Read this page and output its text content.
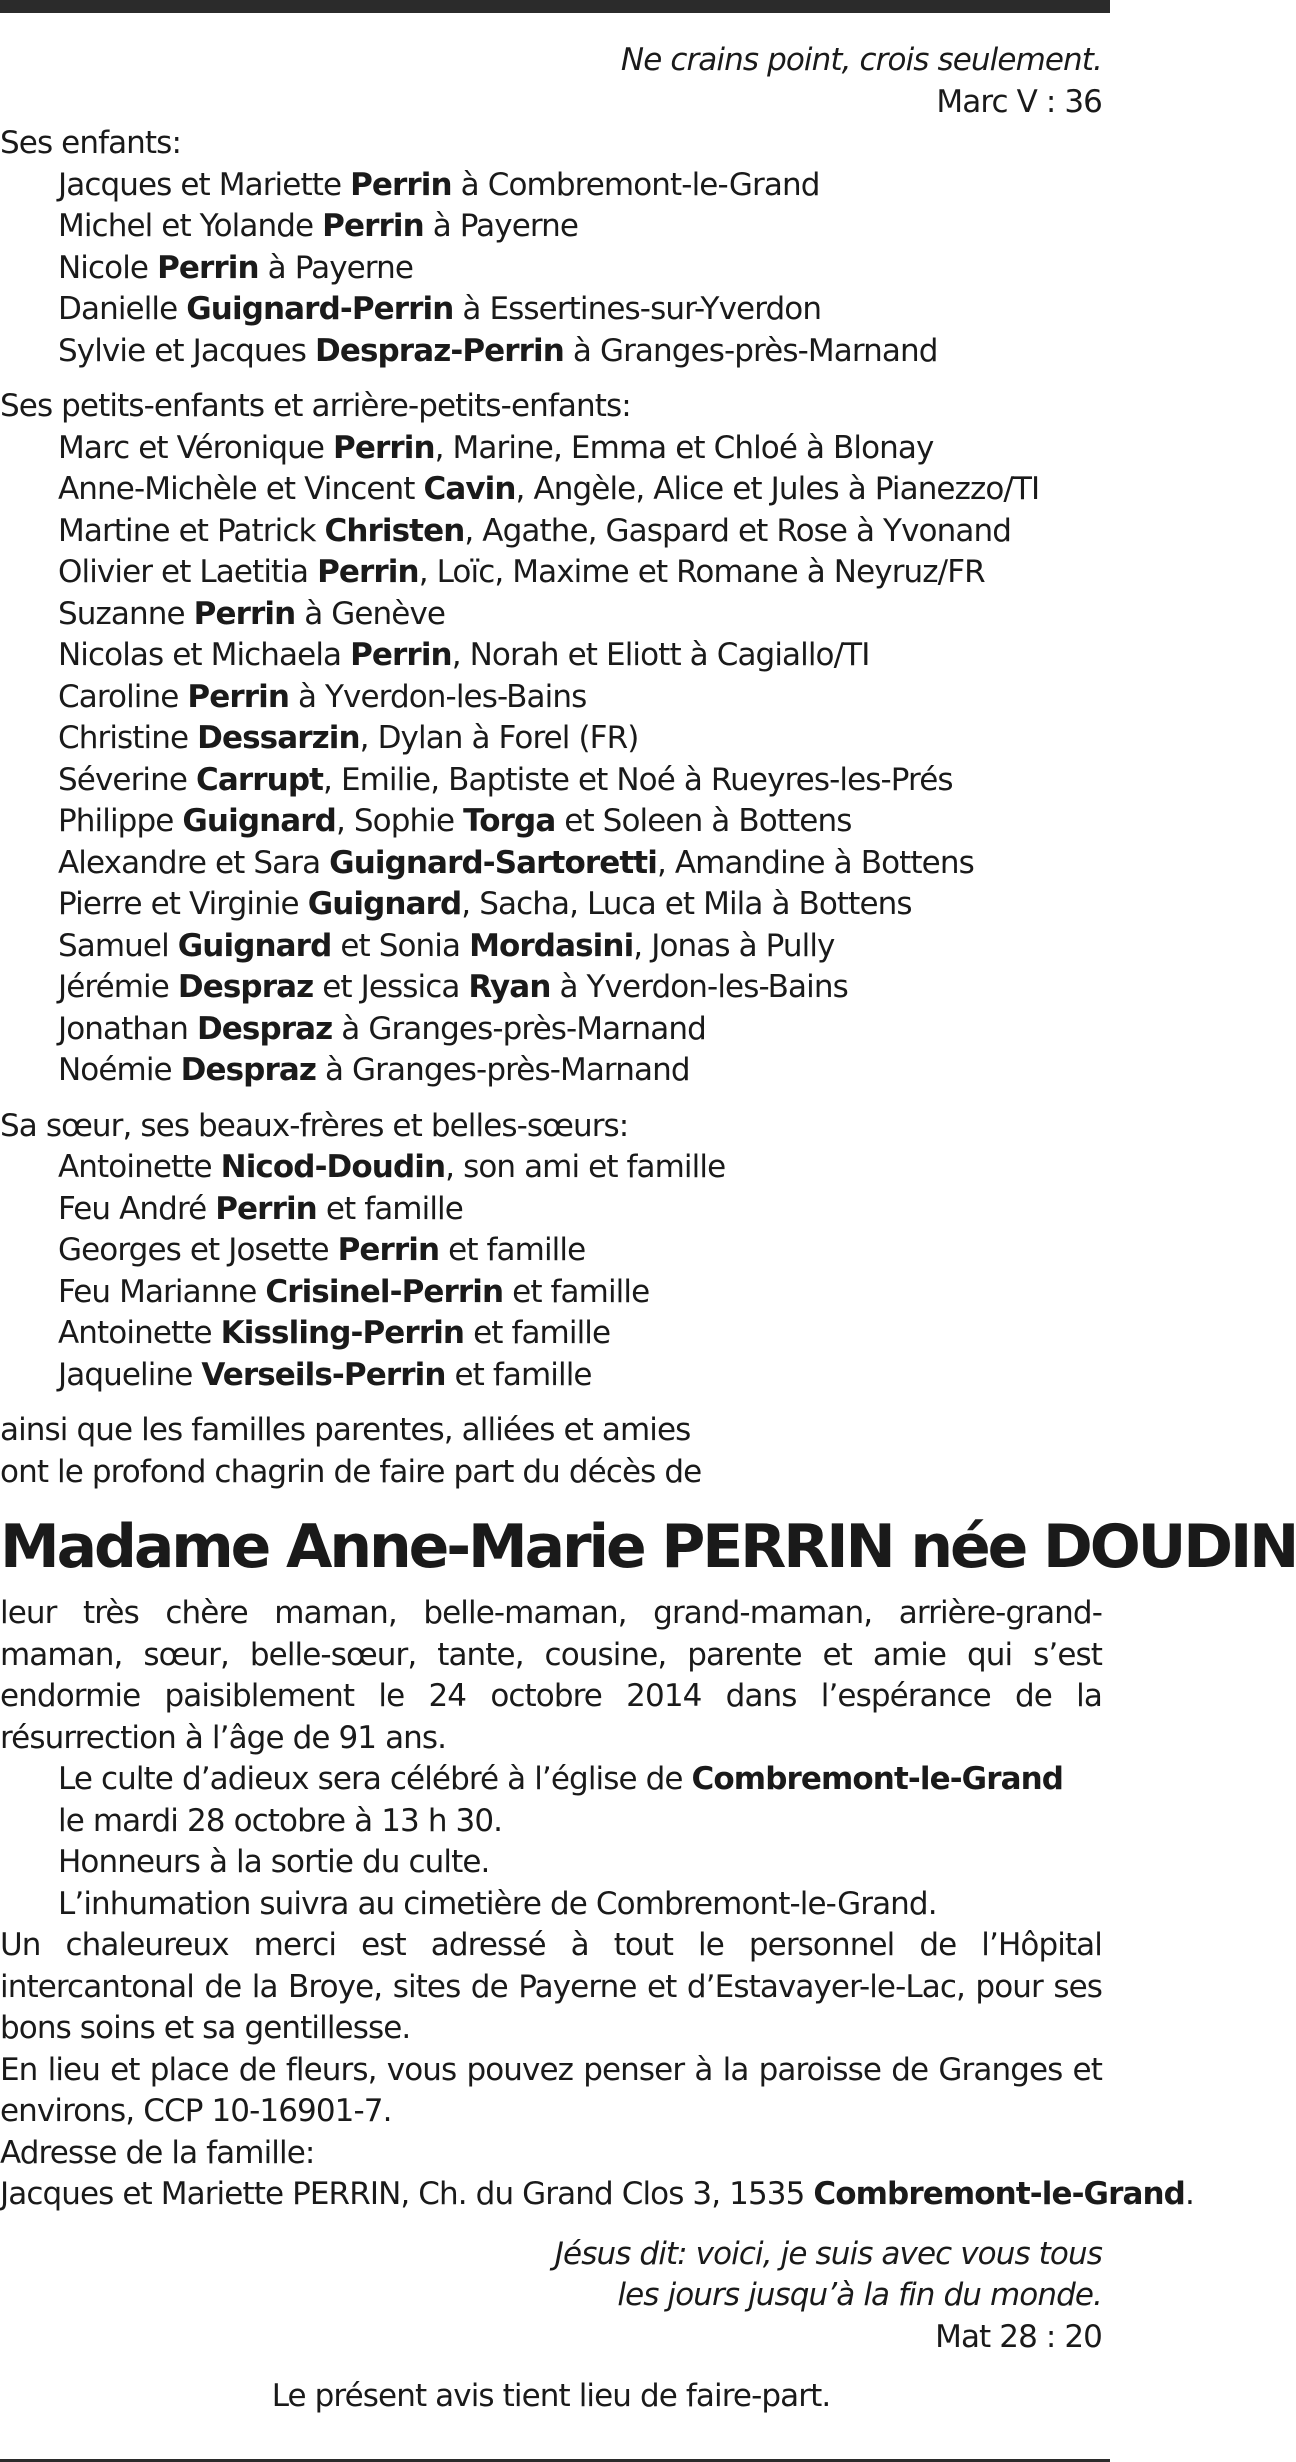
Ne crains point, crois seulement.
Marc V : 36
Ses enfants:
Jacques et Mariette Perrin à Combremont-le-Grand
Michel et Yolande Perrin à Payerne
Nicole Perrin à Payerne
Danielle Guignard-Perrin à Essertines-sur-Yverdon
Sylvie et Jacques Despraz-Perrin à Granges-près-Marnand
Ses petits-enfants et arrière-petits-enfants:
Marc et Véronique Perrin, Marine, Emma et Chloé à Blonay
Anne-Michèle et Vincent Cavin, Angèle, Alice et Jules à Pianezzo/TI
Martine et Patrick Christen, Agathe, Gaspard et Rose à Yvonand
Olivier et Laetitia Perrin, Loïc, Maxime et Romane à Neyruz/FR
Suzanne Perrin à Genève
Nicolas et Michaela Perrin, Norah et Eliott à Cagiallo/TI
Caroline Perrin à Yverdon-les-Bains
Christine Dessarzin, Dylan à Forel (FR)
Séverine Carrupt, Emilie, Baptiste et Noé à Rueyres-les-Prés
Philippe Guignard, Sophie Torga et Soleen à Bottens
Alexandre et Sara Guignard-Sartoretti, Amandine à Bottens
Pierre et Virginie Guignard, Sacha, Luca et Mila à Bottens
Samuel Guignard et Sonia Mordasini, Jonas à Pully
Jérémie Despraz et Jessica Ryan à Yverdon-les-Bains
Jonathan Despraz à Granges-près-Marnand
Noémie Despraz à Granges-près-Marnand
Sa sœur, ses beaux-frères et belles-sœurs:
Antoinette Nicod-Doudin, son ami et famille
Feu André Perrin et famille
Georges et Josette Perrin et famille
Feu Marianne Crisinel-Perrin et famille
Antoinette Kissling-Perrin et famille
Jaqueline Verseils-Perrin et famille
ainsi que les familles parentes, alliées et amies
ont le profond chagrin de faire part du décès de
Madame Anne-Marie PERRIN née DOUDIN
leur très chère maman, belle-maman, grand-maman, arrière-grand-maman, sœur, belle-sœur, tante, cousine, parente et amie qui s’est endormie paisiblement le 24 octobre 2014 dans l’espérance de la résurrection à l’âge de 91 ans.
Le culte d’adieux sera célébré à l’église de Combremont-le-Grand
le mardi 28 octobre à 13 h 30.
Honneurs à la sortie du culte.
L’inhumation suivra au cimetière de Combremont-le-Grand.
Un chaleureux merci est adressé à tout le personnel de l’Hôpital intercantonal de la Broye, sites de Payerne et d’Estavayer-le-Lac, pour ses bons soins et sa gentillesse.
En lieu et place de fleurs, vous pouvez penser à la paroisse de Granges et environs, CCP 10-16901-7.
Adresse de la famille:
Jacques et Mariette PERRIN, Ch. du Grand Clos 3, 1535 Combremont-le-Grand.
Jésus dit: voici, je suis avec vous tous
les jours jusqu’à la fin du monde.
Mat 28 : 20
Le présent avis tient lieu de faire-part.
